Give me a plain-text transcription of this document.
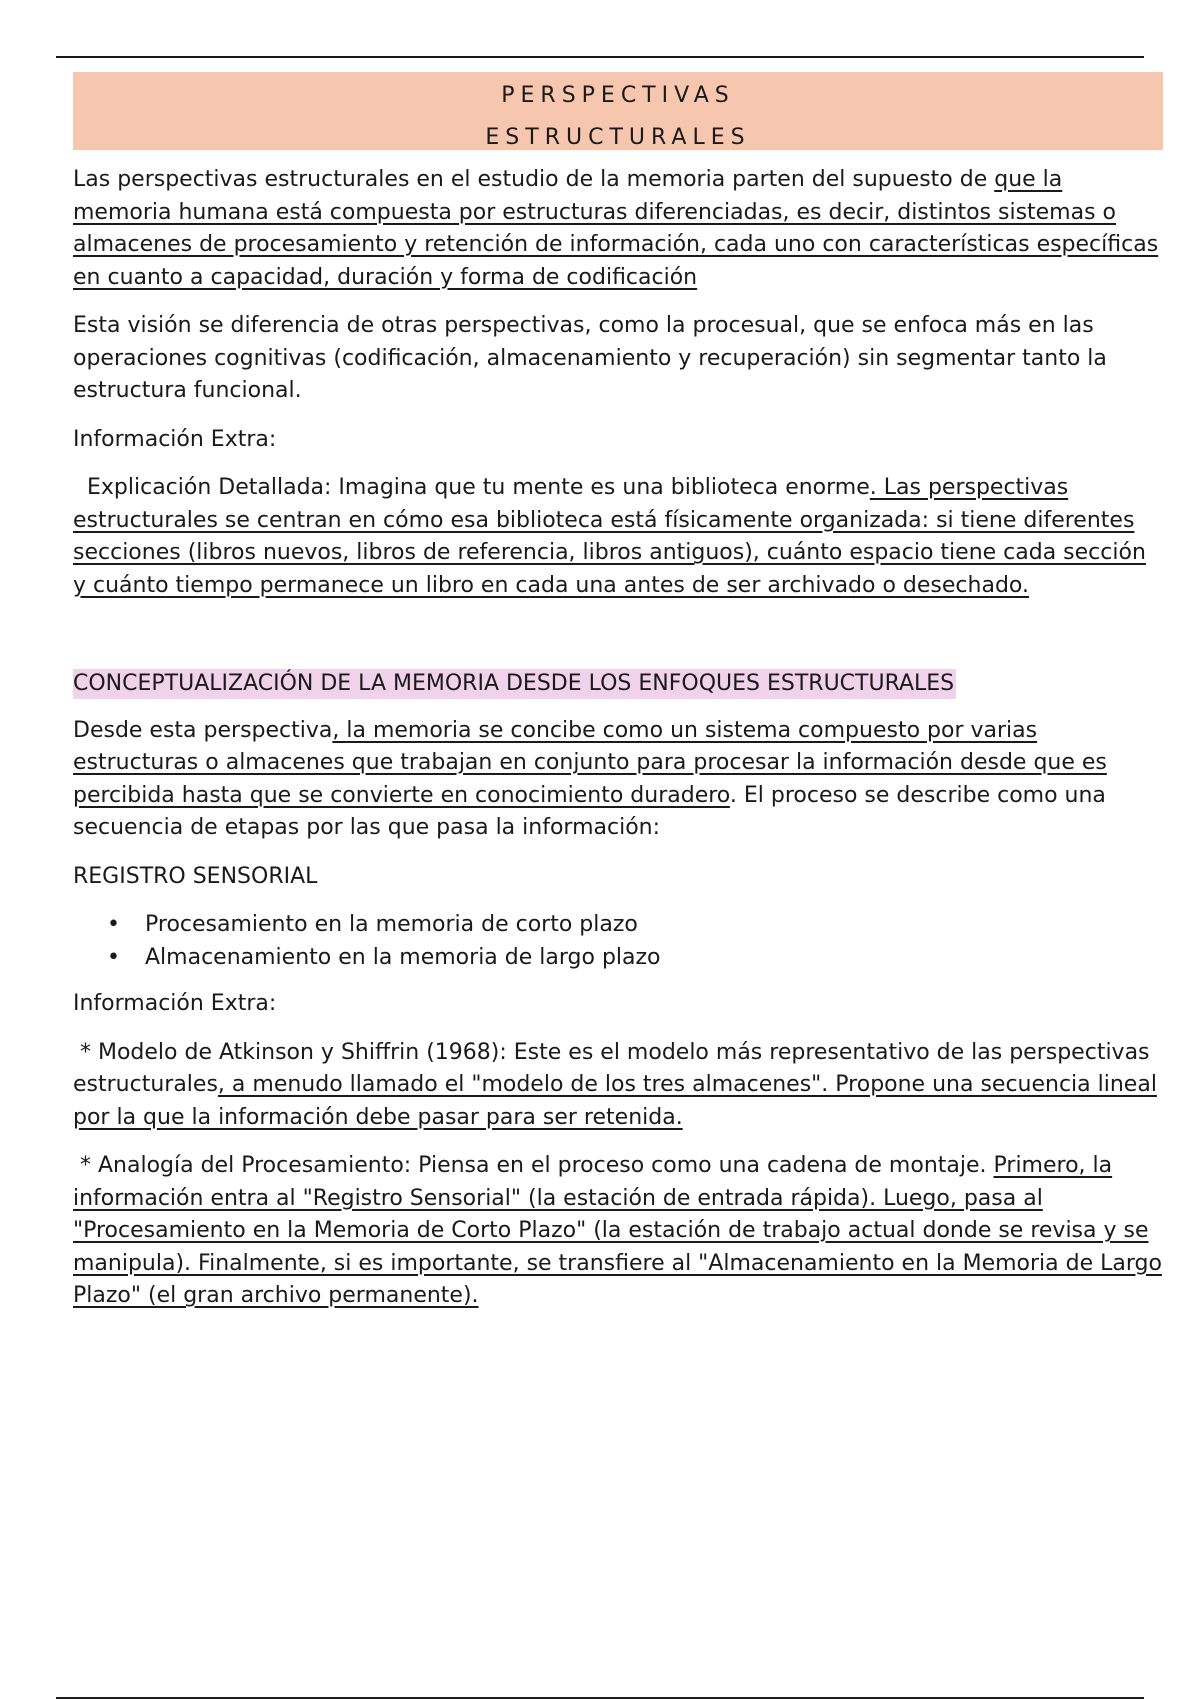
PERSPECTIVAS
ESTRUCTURALES

Las perspectivas estructurales en el estudio de la memoria parten del supuesto de que la memoria humana está compuesta por estructuras diferenciadas, es decir, distintos sistemas o almacenes de procesamiento y retención de información, cada uno con características específicas en cuanto a capacidad, duración y forma de codificación

Esta visión se diferencia de otras perspectivas, como la procesual, que se enfoca más en las operaciones cognitivas (codificación, almacenamiento y recuperación) sin segmentar tanto la estructura funcional.

Información Extra:

Explicación Detallada: Imagina que tu mente es una biblioteca enorme. Las perspectivas estructurales se centran en cómo esa biblioteca está físicamente organizada: si tiene diferentes secciones (libros nuevos, libros de referencia, libros antiguos), cuánto espacio tiene cada sección y cuánto tiempo permanece un libro en cada una antes de ser archivado o desechado.

CONCEPTUALIZACIÓN DE LA MEMORIA DESDE LOS ENFOQUES ESTRUCTURALES

Desde esta perspectiva, la memoria se concibe como un sistema compuesto por varias estructuras o almacenes que trabajan en conjunto para procesar la información desde que es percibida hasta que se convierte en conocimiento duradero. El proceso se describe como una secuencia de etapas por las que pasa la información:

REGISTRO SENSORIAL

• Procesamiento en la memoria de corto plazo
• Almacenamiento en la memoria de largo plazo

Información Extra:

* Modelo de Atkinson y Shiffrin (1968): Este es el modelo más representativo de las perspectivas estructurales, a menudo llamado el "modelo de los tres almacenes". Propone una secuencia lineal por la que la información debe pasar para ser retenida.

* Analogía del Procesamiento: Piensa en el proceso como una cadena de montaje. Primero, la información entra al "Registro Sensorial" (la estación de entrada rápida). Luego, pasa al "Procesamiento en la Memoria de Corto Plazo" (la estación de trabajo actual donde se revisa y se manipula). Finalmente, si es importante, se transfiere al "Almacenamiento en la Memoria de Largo Plazo" (el gran archivo permanente).
